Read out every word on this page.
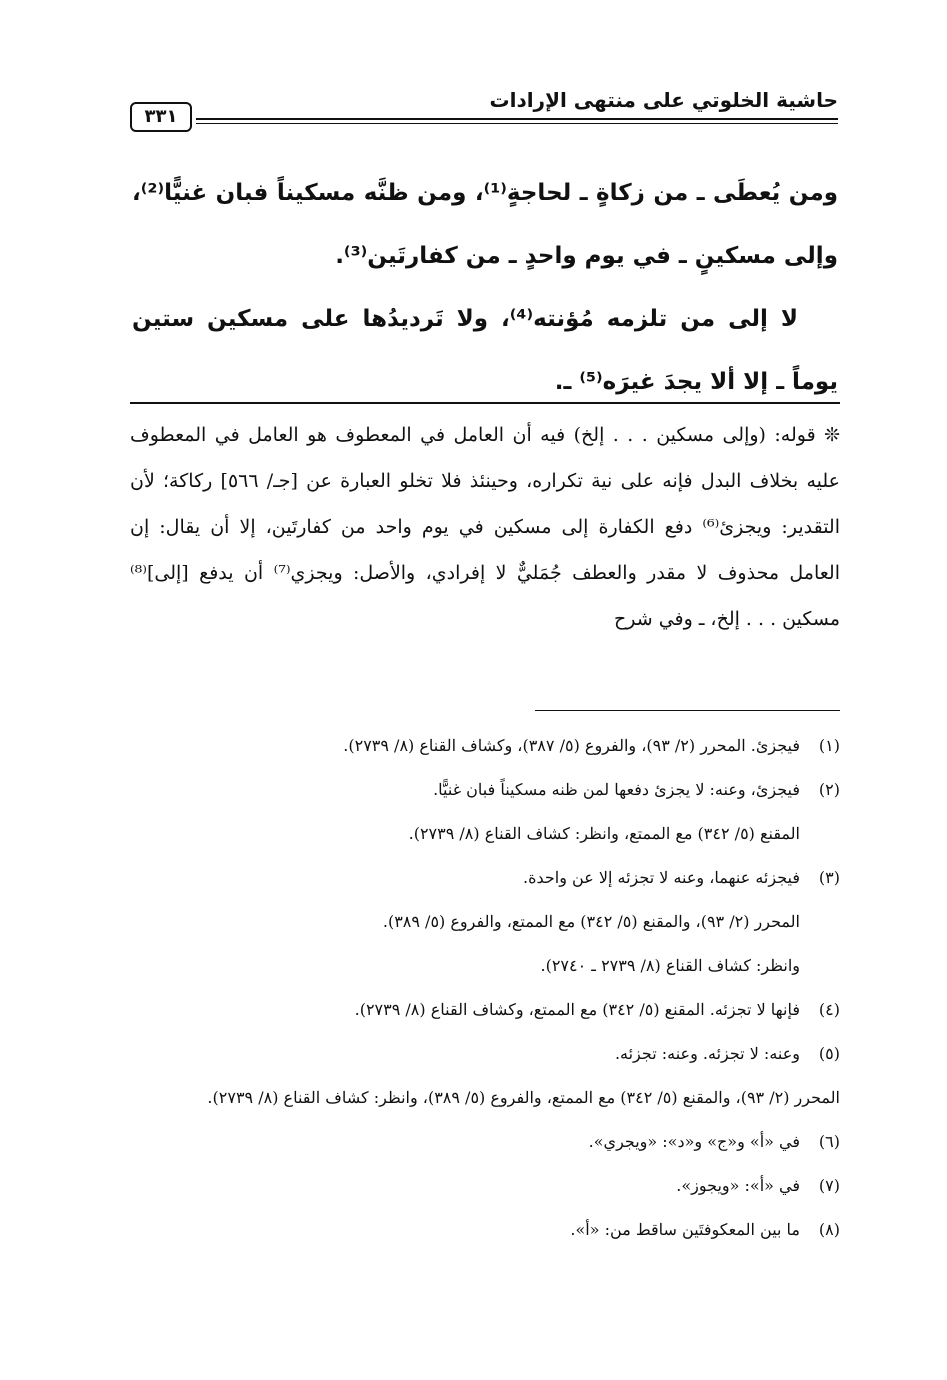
حاشية الخلوتي على منتهى الإرادات
٣٣١

ومن يُعطَى ـ من زكاةٍ ـ لحاجةٍ⁽¹⁾، ومن ظنَّه مسكيناً فبان غنيًّا⁽²⁾، وإلى مسكينٍ ـ في يوم واحدٍ ـ من كفارتَين⁽³⁾.

لا إلى من تلزمه مُؤنته⁽⁴⁾، ولا تَرديدُها على مسكين ستين يوماً ـ إلا ألا يجدَ غيرَه⁽⁵⁾ ـ.

❊ قوله: (وإلى مسكين . . . إلخ) فيه أن العامل في المعطوف هو العامل في المعطوف عليه بخلاف البدل فإنه على نية تكراره، وحينئذ فلا تخلو العبارة عن [جـ/ ٥٦٦] ركاكة؛ لأن التقدير: ويجزئ⁽⁶⁾ دفع الكفارة إلى مسكين في يوم واحد من كفارتَين، إلا أن يقال: إن العامل محذوف لا مقدر والعطف جُمَليٌّ لا إفرادي، والأصل: ويجزي⁽⁷⁾ أن يدفع [إلى]⁽⁸⁾ مسكين . . . إلخ، ـ وفي شرح

(١)
فيجزئ. المحرر (٢/ ٩٣)، والفروع (٥/ ٣٨٧)، وكشاف القناع (٨/ ٢٧٣٩).
(٢)
فيجزئ، وعنه: لا يجزئ دفعها لمن ظنه مسكيناً فبان غنيًّا.
المقنع (٥/ ٣٤٢) مع الممتع، وانظر: كشاف القناع (٨/ ٢٧٣٩).
(٣)
فيجزئه عنهما، وعنه لا تجزئه إلا عن واحدة.
المحرر (٢/ ٩٣)، والمقنع (٥/ ٣٤٢) مع الممتع، والفروع (٥/ ٣٨٩).
وانظر: كشاف القناع (٨/ ٢٧٣٩ ـ ٢٧٤٠).
(٤)
فإنها لا تجزئه. المقنع (٥/ ٣٤٢) مع الممتع، وكشاف القناع (٨/ ٢٧٣٩).
(٥)
وعنه: لا تجزئه. وعنه: تجزئه.
المحرر (٢/ ٩٣)، والمقنع (٥/ ٣٤٢) مع الممتع، والفروع (٥/ ٣٨٩)، وانظر: كشاف القناع (٨/ ٢٧٣٩).
(٦)
في «أ» و«ج» و«د»: «ويجري».
(٧)
في «أ»: «ويجوز».
(٨)
ما بين المعكوفتَين ساقط من: «أ».
